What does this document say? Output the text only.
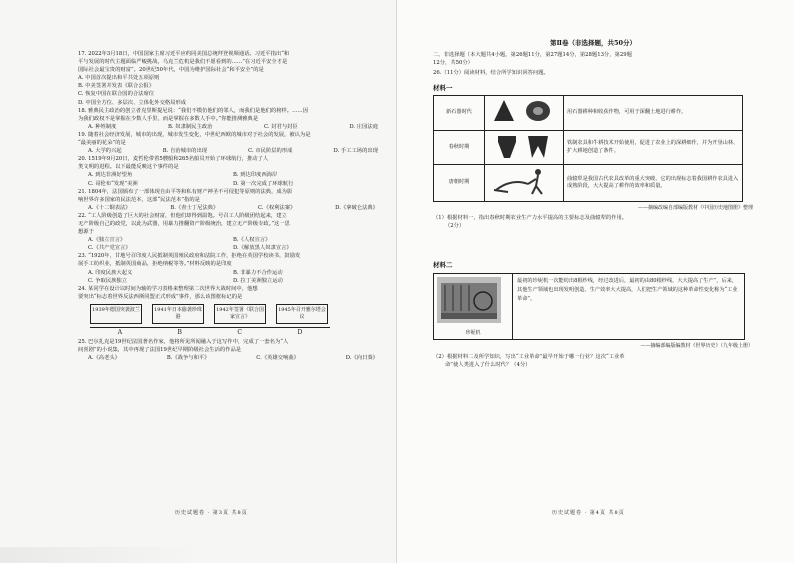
17. 2022年3月18日，中国国家主席习近平应约同美国总统拜登视频通话。习近平指出“和
平与发展的时代主题面临严峻挑战，乌克兰危机是我们不愿看到的……”在习近平安全才是
国际社会最宝贵的财富”。20世纪50年代，中国为维护国际社会“和平安全”的是
A. 中国首次提出和平共处五项原则
B. 中美签署并发表《联合公报》
C. 恢复中国在联合国的合法席位
D. 中国全方位、多层次、立体化外交格局形成
18. 雅典民主政治的创立者克里斯提尼说：“我们不模仿他们的邻人，而我们是他们的榜样。……因
为我们政权不是掌握在少数人手里，而是掌握在多数人手中。”你能推测雅典是
A. 种姓制度	B. 奴隶制民主政治	C. 封君与封臣	D. 庄园法庭
19. 随着社会经济发展，城市的出现，城市发生变化，中世纪西欧的城市对于社会的发展，被认为是
“最美丽的花朵”的是
A. 大学的兴起	B. 自治城市的出现	C. 市民阶层的形成	D. 手工工场的出现
20. 1519年9月20日，麦哲伦带着5艘船和265名船员开始了环球航行，推动了人
类文明的进程。以下最能反映这个事件的是
A. 到达非洲好望角	B. 到达印度西海岸
C. 哥伦布“发现”美洲	D. 第一次完成了环球航行
21. 1804年，法国颁布了一部体现自由平等和私有财产神圣不可侵犯等原则的法典，成为影
响世界许多国家的民法范本，这部“民法范本”指的是
A.《十二铜表法》	B.《查士丁尼法典》	C.《权利法案》	D.《拿破仑法典》
22. “工人阶级创造了巨大的社会财富，但他们却得到温饱。号召工人阶级团结起来，建立
无产阶级自己的政党，以此为武器，用暴力推翻资产阶级统治，建立无产阶级专政。”这一思
想源于
A.《独立宣言》	B.《人权宣言》
C.《共产党宣言》	D.《解放黑人奴隶宣言》
23. “1920年，甘地号召印度人民抵制英国殖民政府和法院工作，拒绝在英国学校读书，鼓励发
展手工纺织业，抵制英国商品，拒绝纳税等等。”材料反映的是印度
A. 印度民族大起义	B. 非暴力不合作运动
C. 争取民族独立	D. 拉丁美洲独立运动
24. 某同学在设计以时间为轴的学习表格来整理第二次世界大战时间中，他想
要突出“标志着世界反法西斯同盟正式形成”事件，那么该图框标记的是
1939年德国突袭波兰	1941年日本偷袭珍珠港
1942年签署《联合国家宣言》
1945年召开雅尔塔会议
A	B	C	D
25. 巴尔扎克是19世纪法国著名作家，他将所见所闻融入于这写作中，完成了一套名为“人
间喜剧”的小说集，其中再现了法国19世纪早期阶级社会生活的作品是
A.《高老头》	B.《战争与和平》	C.《英雄交响曲》	D.《向日葵》
历史试题卷 · 第3页 共8页
第Ⅱ卷（非选择题，共50分）
二、非选择题（本大题共4小题，第26题11分，第27题14分，第28题13分，第29题
12分，共50分）
26.（11分）阅读材料，结合所学知识回答问题。
材料一
新石器时代		用石器耕种和收获作物，可用于深翻土地进行耕作。
春秋时期		铁制农具和牛耕技术开始使用，促进了农业上的深耕细作，并为开垦山林、扩大耕地创造了条件。
唐朝时期		曲辕犁是我国古代农具改革的重大突破，它的出现标志着我国耕作农具进入成熟阶段，大大提高了耕作的效率和质量。
——摘编改编自部编版教材《中国历史地图册》整理
（1）根据材料一，指出春秋时期农业生产力水平提高的主要标志及曲辕犁的作用。
（2分）
材料二
珍妮机
最初的珍妮机一次能纺出8根纱线，经过改进后，最初的由80根纱线，大大提高了生产”，后来，其他生产领域也出现发明创造。生产效率大大提高，人们把生产领域的这种革命性变化称为“工业革命”。
——摘编部编版编教材《世界历史》（九年级上册）
（2）根据材料二及所学知识，写出“工业革命”最早开始于哪一行业？这次“工业革
命”使人类进入了什么时代？（4分）
历史试题卷 · 第4页 共8页
